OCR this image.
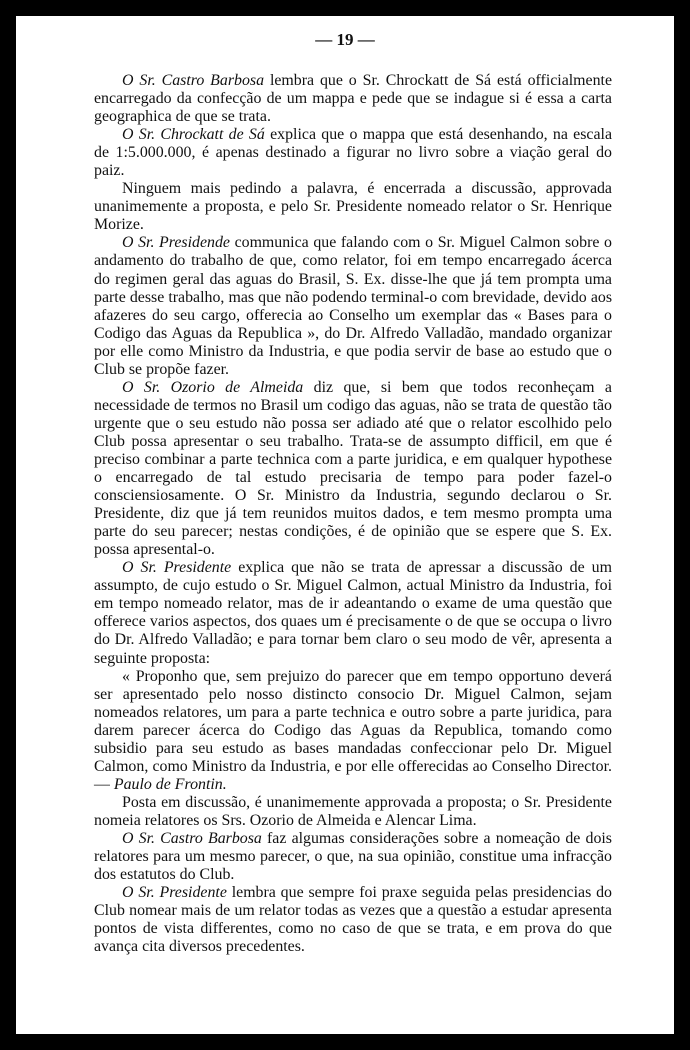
— 19 —

O Sr. Castro Barbosa lembra que o Sr. Chrockatt de Sá está officialmente encarregado da confecção de um mappa e pede que se indague si é essa a carta geographica de que se trata.

O Sr. Chrockatt de Sá explica que o mappa que está desenhando, na escala de 1:5.000.000, é apenas destinado a figurar no livro sobre a viação geral do paiz.

Ninguem mais pedindo a palavra, é encerrada a discussão, approvada unanimemente a proposta, e pelo Sr. Presidente nomeado relator o Sr. Henrique Morize.

O Sr. Presidende communica que falando com o Sr. Miguel Calmon sobre o andamento do trabalho de que, como relator, foi em tempo encarregado ácerca do regimen geral das aguas do Brasil, S. Ex. disse-lhe que já tem prompta uma parte desse trabalho, mas que não podendo terminal-o com brevidade, devido aos afazeres do seu cargo, offerecia ao Conselho um exemplar das « Bases para o Codigo das Aguas da Republica », do Dr. Alfredo Valladão, mandado organizar por elle como Ministro da Industria, e que podia servir de base ao estudo que o Club se propõe fazer.

O Sr. Ozorio de Almeida diz que, si bem que todos reconheçam a necessidade de termos no Brasil um codigo das aguas, não se trata de questão tão urgente que o seu estudo não possa ser adiado até que o relator escolhido pelo Club possa apresentar o seu trabalho. Trata-se de assumpto difficil, em que é preciso combinar a parte technica com a parte juridica, e em qualquer hypothese o encarregado de tal estudo precisaria de tempo para poder fazel-o consciensiosamente. O Sr. Ministro da Industria, segundo declarou o Sr. Presidente, diz que já tem reunidos muitos dados, e tem mesmo prompta uma parte do seu parecer; nestas condições, é de opinião que se espere que S. Ex. possa apresental-o.

O Sr. Presidente explica que não se trata de apressar a discussão de um assumpto, de cujo estudo o Sr. Miguel Calmon, actual Ministro da Industria, foi em tempo nomeado relator, mas de ir adeantando o exame de uma questão que offerece varios aspectos, dos quaes um é precisamente o de que se occupa o livro do Dr. Alfredo Valladão; e para tornar bem claro o seu modo de vêr, apresenta a seguinte proposta:

« Proponho que, sem prejuizo do parecer que em tempo opportuno deverá ser apresentado pelo nosso distincto consocio Dr. Miguel Calmon, sejam nomeados relatores, um para a parte technica e outro sobre a parte juridica, para darem parecer ácerca do Codigo das Aguas da Republica, tomando como subsidio para seu estudo as bases mandadas confeccionar pelo Dr. Miguel Calmon, como Ministro da Industria, e por elle offerecidas ao Conselho Director. — Paulo de Frontin.

Posta em discussão, é unanimemente approvada a proposta; o Sr. Presidente nomeia relatores os Srs. Ozorio de Almeida e Alencar Lima.

O Sr. Castro Barbosa faz algumas considerações sobre a nomeação de dois relatores para um mesmo parecer, o que, na sua opinião, constitue uma infracção dos estatutos do Club.

O Sr. Presidente lembra que sempre foi praxe seguida pelas presidencias do Club nomear mais de um relator todas as vezes que a questão a estudar apresenta pontos de vista differentes, como no caso de que se trata, e em prova do que avança cita diversos precedentes.
